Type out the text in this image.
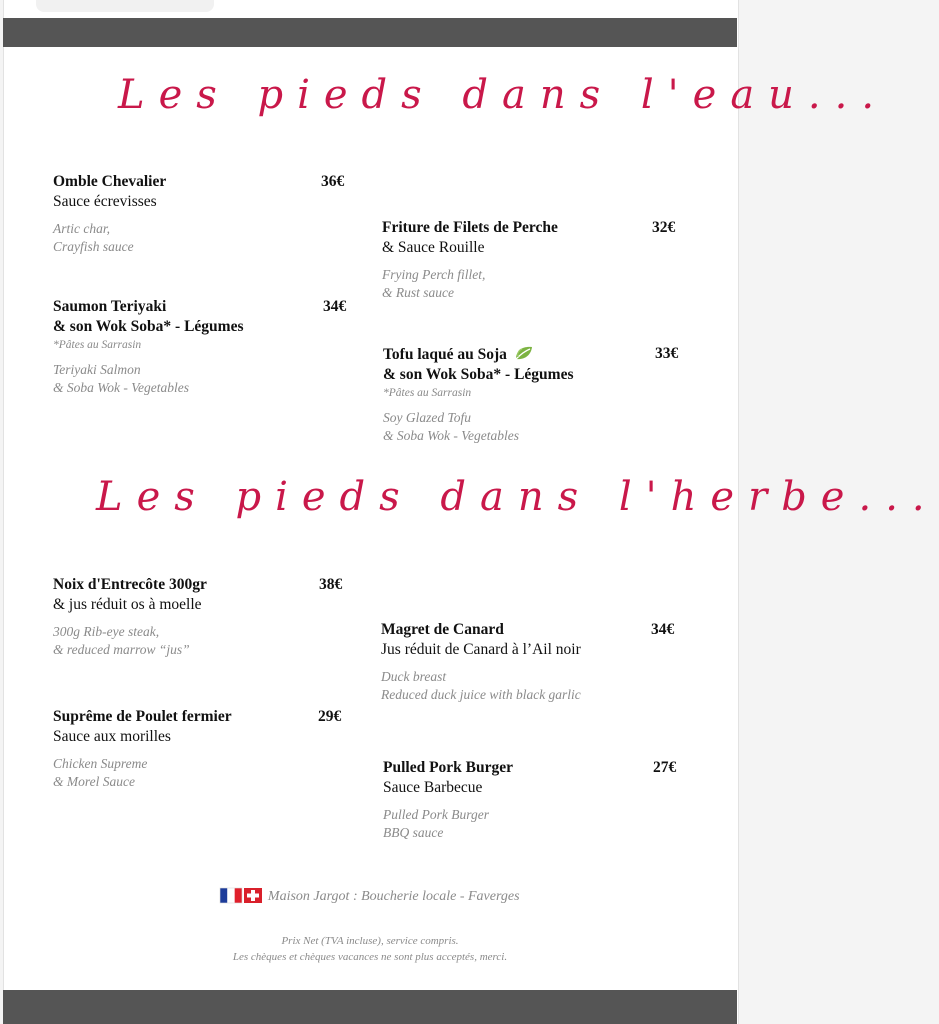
Les pieds dans l'eau...
Omble Chevalier
Sauce écrevisses
Artic char,
Crayfish sauce
36€
Friture de Filets de Perche
& Sauce Rouille
Frying Perch fillet,
& Rust sauce
32€
Saumon Teriyaki
& son Wok Soba* - Légumes
*Pâtes au Sarrasin
Teriyaki Salmon
& Soba Wok - Vegetables
34€
Tofu laqué au Soja
& son Wok Soba* - Légumes
*Pâtes au Sarrasin
Soy Glazed Tofu
& Soba Wok - Vegetables
33€
Les pieds dans l'herbe...
Noix d'Entrecôte 300gr
& jus réduit os à moelle
300g Rib-eye steak,
& reduced marrow “jus”
38€
Magret de Canard
Jus réduit de Canard à l’Ail noir
Duck breast
Reduced duck juice with black garlic
34€
Suprême de Poulet fermier
Sauce aux morilles
Chicken Supreme
& Morel Sauce
29€
Pulled Pork Burger
Sauce Barbecue
Pulled Pork Burger
BBQ sauce
27€
Maison Jargot : Boucherie locale - Faverges
Prix Net (TVA incluse), service compris.
Les chèques et chèques vacances ne sont plus acceptés, merci.
